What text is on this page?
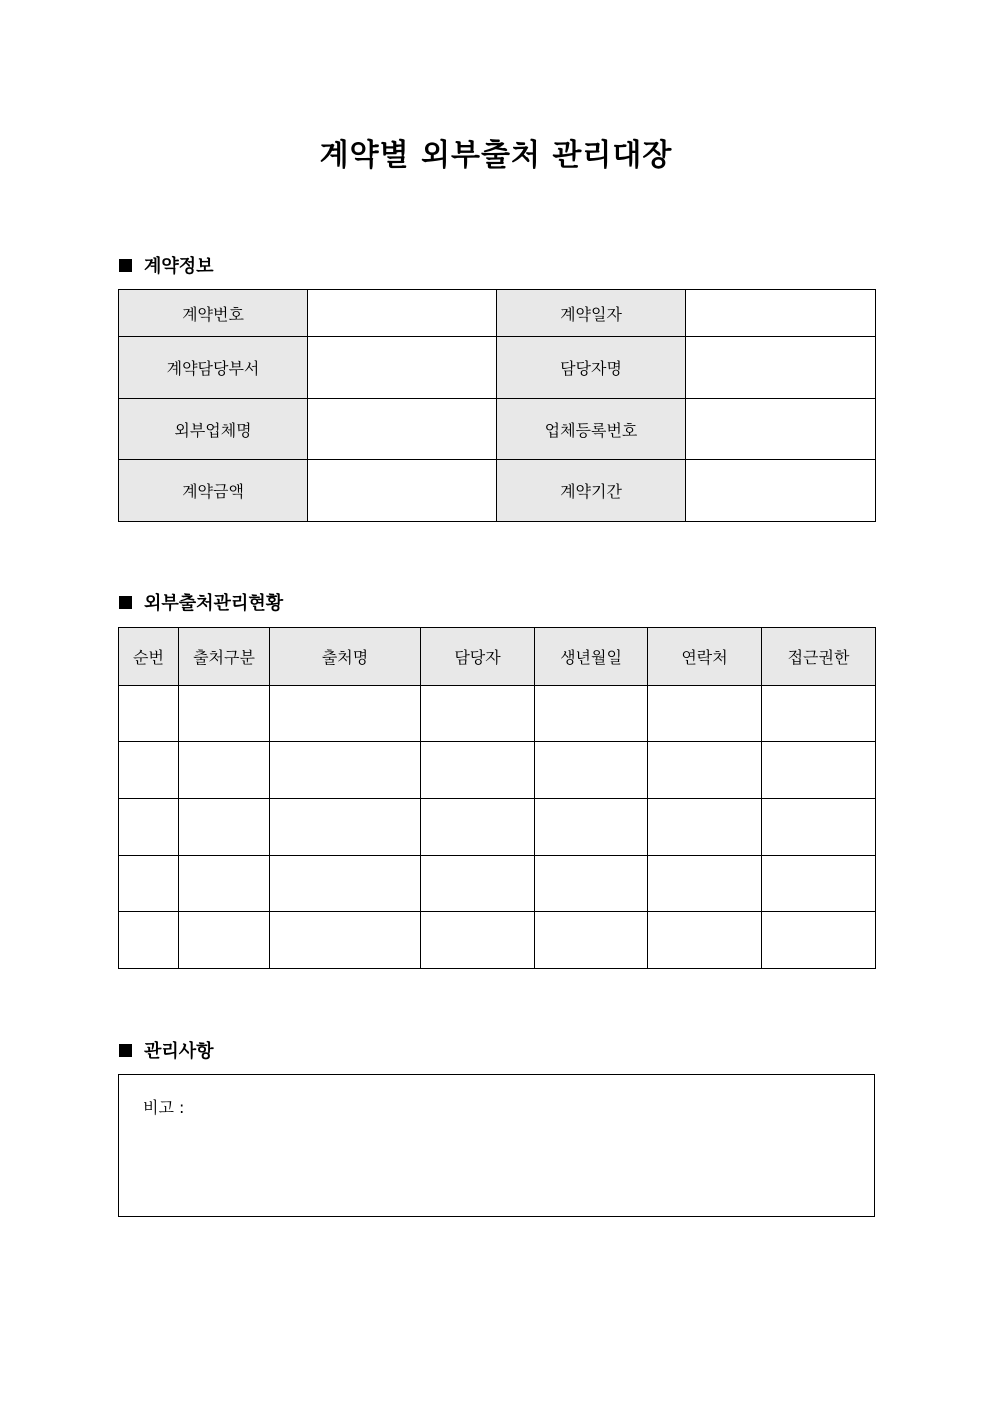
계약별 외부출처 관리대장
계약정보
계약번호		계약일자	
계약담당부서		담당자명	
외부업체명		업체등록번호	
계약금액		계약기간	
외부출처관리현황
순번	출처구분	출처명	담당자	생년월일	연락처	접근권한

관리사항
비고 :
